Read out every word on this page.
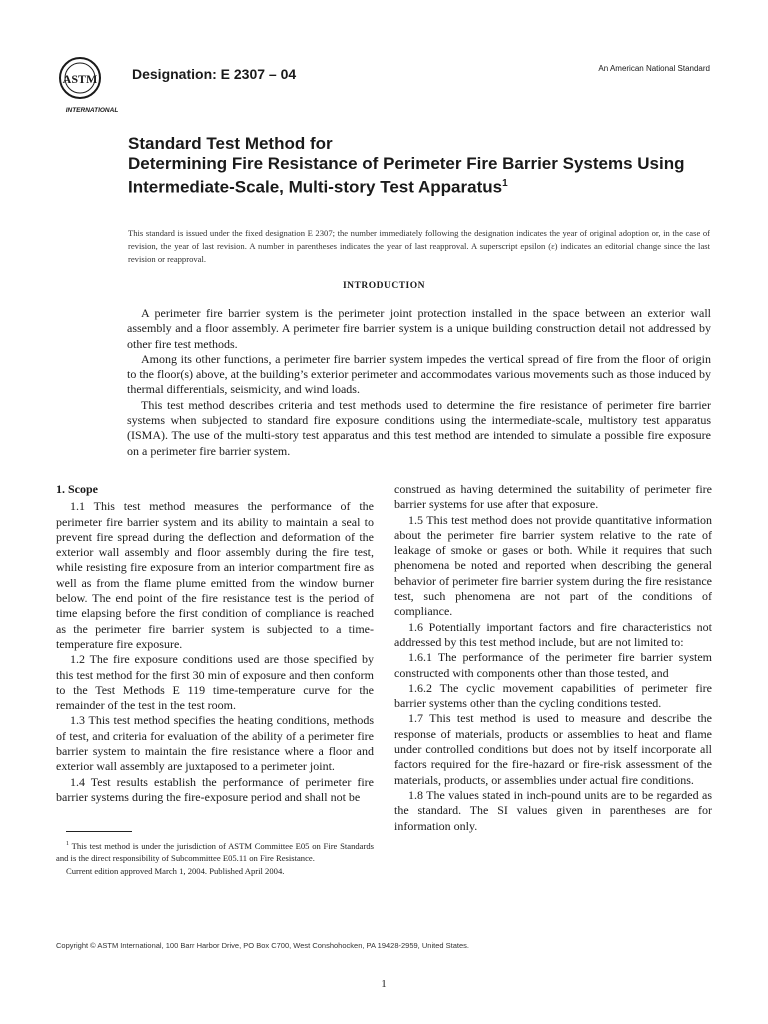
ASTM
INTERNATIONAL
Designation: E 2307 – 04	An American National Standard
Standard Test Method for
Determining Fire Resistance of Perimeter Fire Barrier Systems Using Intermediate-Scale, Multi-story Test Apparatus$^1$
This standard is issued under the fixed designation E 2307; the number immediately following the designation indicates the year of original adoption or, in the case of revision, the year of last revision. A number in parentheses indicates the year of last reapproval. A superscript epsilon (ε) indicates an editorial change since the last revision or reapproval.
INTRODUCTION

A perimeter fire barrier system is the perimeter joint protection installed in the space between an exterior wall assembly and a floor assembly. A perimeter fire barrier system is a unique building construction detail not addressed by other fire test methods.

Among its other functions, a perimeter fire barrier system impedes the vertical spread of fire from the floor of origin to the floor(s) above, at the building’s exterior perimeter and accommodates various movements such as those induced by thermal differentials, seismicity, and wind loads.

This test method describes criteria and test methods used to determine the fire resistance of perimeter fire barrier systems when subjected to standard fire exposure conditions using the intermediate-scale, multistory test apparatus (ISMA). The use of the multi-story test apparatus and this test method are intended to simulate a possible fire exposure on a perimeter fire barrier system.

1. Scope

1.1 This test method measures the performance of the perimeter fire barrier system and its ability to maintain a seal to prevent fire spread during the deflection and deformation of the exterior wall assembly and floor assembly during the fire test, while resisting fire exposure from an interior compartment fire as well as from the flame plume emitted from the window burner below. The end point of the fire resistance test is the period of time elapsing before the first condition of compliance is reached as the perimeter fire barrier system is subjected to a time-temperature fire exposure.

1.2 The fire exposure conditions used are those specified by this test method for the first 30 min of exposure and then conform to the Test Methods E 119 time-temperature curve for the remainder of the test in the test room.

1.3 This test method specifies the heating conditions, methods of test, and criteria for evaluation of the ability of a perimeter fire barrier system to maintain the fire resistance where a floor and exterior wall assembly are juxtaposed to a perimeter joint.

1.4 Test results establish the performance of perimeter fire barrier systems during the fire-exposure period and shall not be

construed as having determined the suitability of perimeter fire barrier systems for use after that exposure.

1.5 This test method does not provide quantitative information about the perimeter fire barrier system relative to the rate of leakage of smoke or gases or both. While it requires that such phenomena be noted and reported when describing the general behavior of perimeter fire barrier system during the fire resistance test, such phenomena are not part of the conditions of compliance.

1.6 Potentially important factors and fire characteristics not addressed by this test method include, but are not limited to:

1.6.1 The performance of the perimeter fire barrier system constructed with components other than those tested, and

1.6.2 The cyclic movement capabilities of perimeter fire barrier systems other than the cycling conditions tested.

1.7 This test method is used to measure and describe the response of materials, products or assemblies to heat and flame under controlled conditions but does not by itself incorporate all factors required for the fire-hazard or fire-risk assessment of the materials, products, or assemblies under actual fire conditions.

1.8 The values stated in inch-pound units are to be regarded as the standard. The SI values given in parentheses are for information only.

$^1$ This test method is under the jurisdiction of ASTM Committee E05 on Fire Standards and is the direct responsibility of Subcommittee E05.11 on Fire Resistance.

Current edition approved March 1, 2004. Published April 2004.

Copyright © ASTM International, 100 Barr Harbor Drive, PO Box C700, West Conshohocken, PA 19428-2959, United States.
1
